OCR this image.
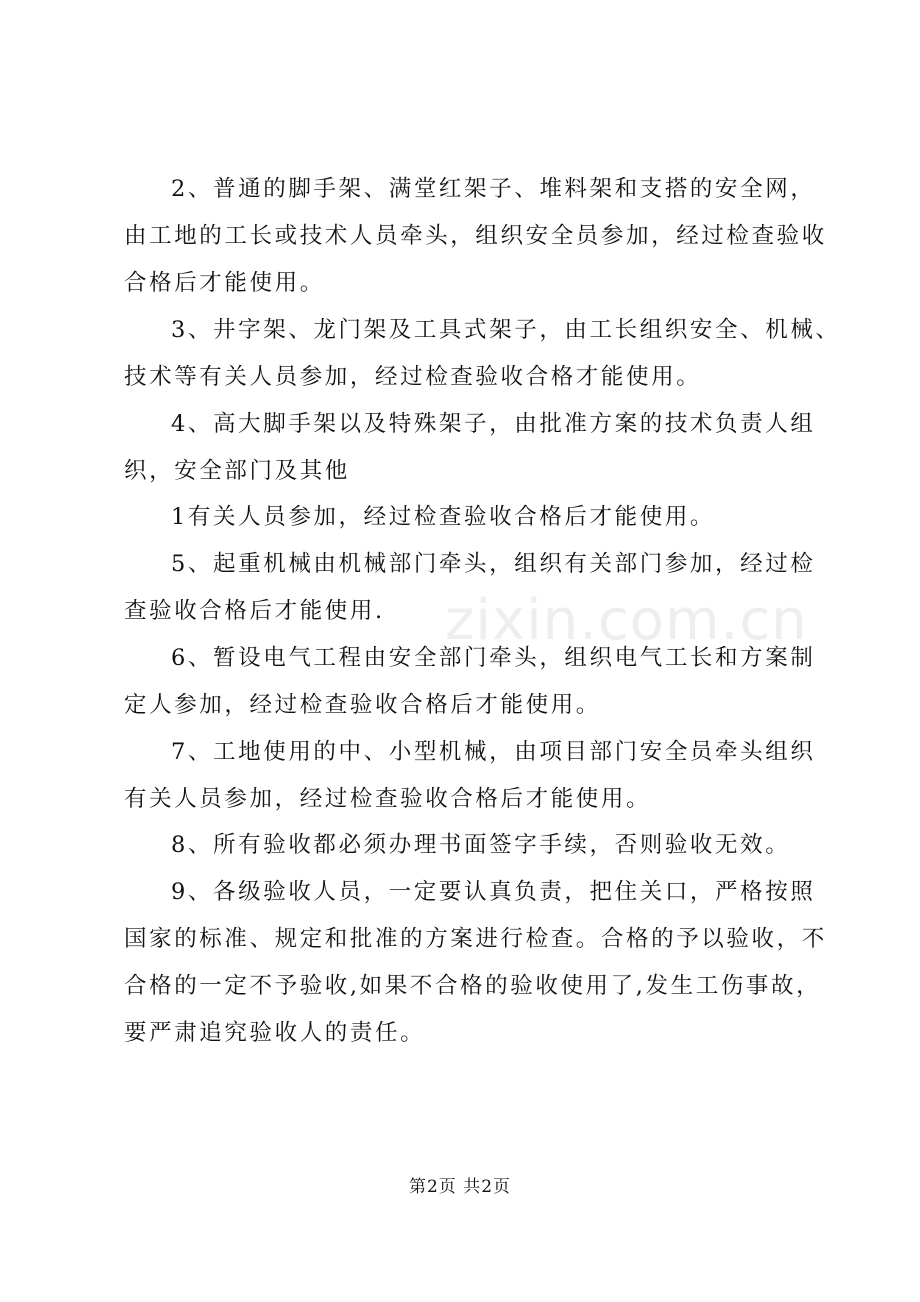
2、普通的脚手架、满堂红架子、堆料架和支搭的安全网，
由工地的工长或技术人员牵头，组织安全员参加，经过检查验收
合格后才能使用。
3、井字架、龙门架及工具式架子，由工长组织安全、机械、
技术等有关人员参加，经过检查验收合格才能使用。
4、高大脚手架以及特殊架子，由批准方案的技术负责人组
织，安全部门及其他
1有关人员参加，经过检查验收合格后才能使用。
5、起重机械由机械部门牵头，组织有关部门参加，经过检
查验收合格后才能使用.
6、暂设电气工程由安全部门牵头，组织电气工长和方案制
定人参加，经过检查验收合格后才能使用。
7、工地使用的中、小型机械，由项目部门安全员牵头组织
有关人员参加，经过检查验收合格后才能使用。
8、所有验收都必须办理书面签字手续，否则验收无效。
9、各级验收人员，一定要认真负责，把住关口，严格按照
国家的标准、规定和批准的方案进行检查。合格的予以验收，不
合格的一定不予验收,如果不合格的验收使用了,发生工伤事故，
要严肃追究验收人的责任。
zixin.com.cn
第2页 共2页
